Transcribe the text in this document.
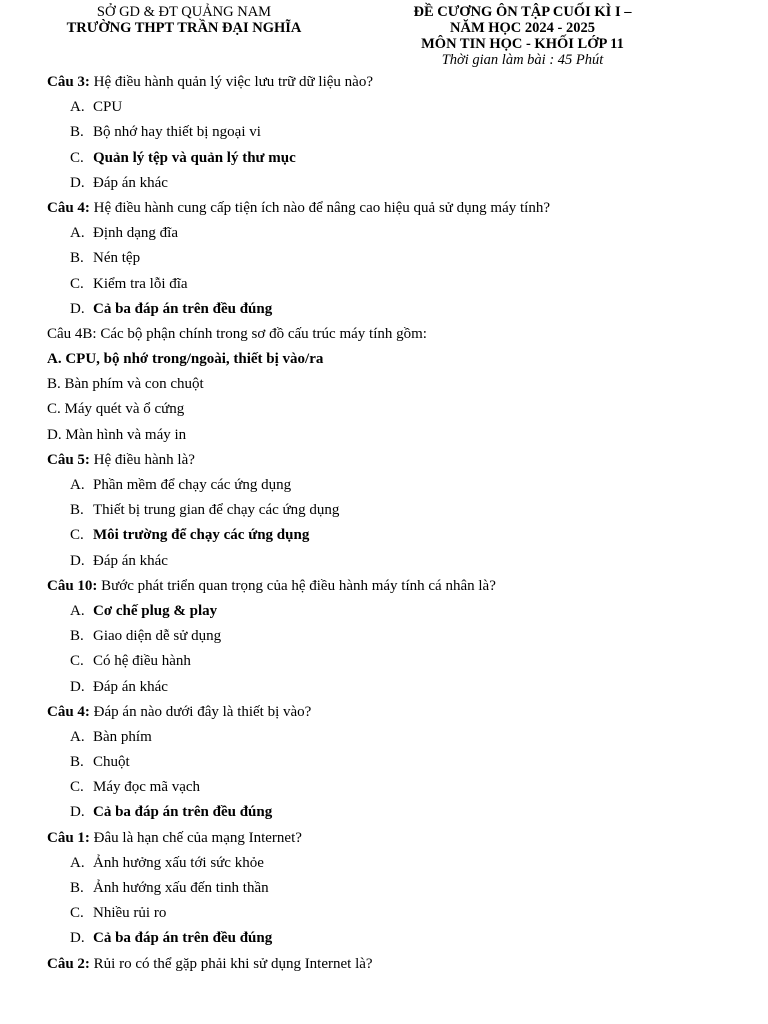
SỞ GD & ĐT QUẢNG NAM
TRƯỜNG THPT TRẦN ĐẠI NGHĨA
ĐỀ CƯƠNG ÔN TẬP CUỐI KÌ I –
NĂM HỌC 2024 - 2025
MÔN TIN HỌC - KHỐI LỚP 11
Thời gian làm bài : 45 Phút
Câu 3: Hệ điều hành quản lý việc lưu trữ dữ liệu nào?
A. CPU
B. Bộ nhớ hay thiết bị ngoại vi
C. Quản lý tệp và quản lý thư mục
D. Đáp án khác
Câu 4: Hệ điều hành cung cấp tiện ích nào để nâng cao hiệu quả sử dụng máy tính?
A. Định dạng đĩa
B. Nén tệp
C. Kiểm tra lỗi đĩa
D. Cả ba đáp án trên đều đúng
Câu 4B: Các bộ phận chính trong sơ đồ cấu trúc máy tính gồm:
A. CPU, bộ nhớ trong/ngoài, thiết bị vào/ra
B. Bàn phím và con chuột
C. Máy quét và ổ cứng
D. Màn hình và máy in
Câu 5: Hệ điều hành là?
A. Phần mềm để chạy các ứng dụng
B. Thiết bị trung gian để chạy các ứng dụng
C. Môi trường để chạy các ứng dụng
D. Đáp án khác
Câu 10: Bước phát triển quan trọng của hệ điều hành máy tính cá nhân là?
A. Cơ chế plug & play
B. Giao diện dễ sử dụng
C. Có hệ điều hành
D. Đáp án khác
Câu 4: Đáp án nào dưới đây là thiết bị vào?
A. Bàn phím
B. Chuột
C. Máy đọc mã vạch
D. Cả ba đáp án trên đều đúng
Câu 1: Đâu là hạn chế của mạng Internet?
A. Ảnh hưởng xấu tới sức khỏe
B. Ảnh hướng xấu đến tinh thần
C. Nhiều rủi ro
D. Cả ba đáp án trên đều đúng
Câu 2: Rủi ro có thể gặp phải khi sử dụng Internet là?
